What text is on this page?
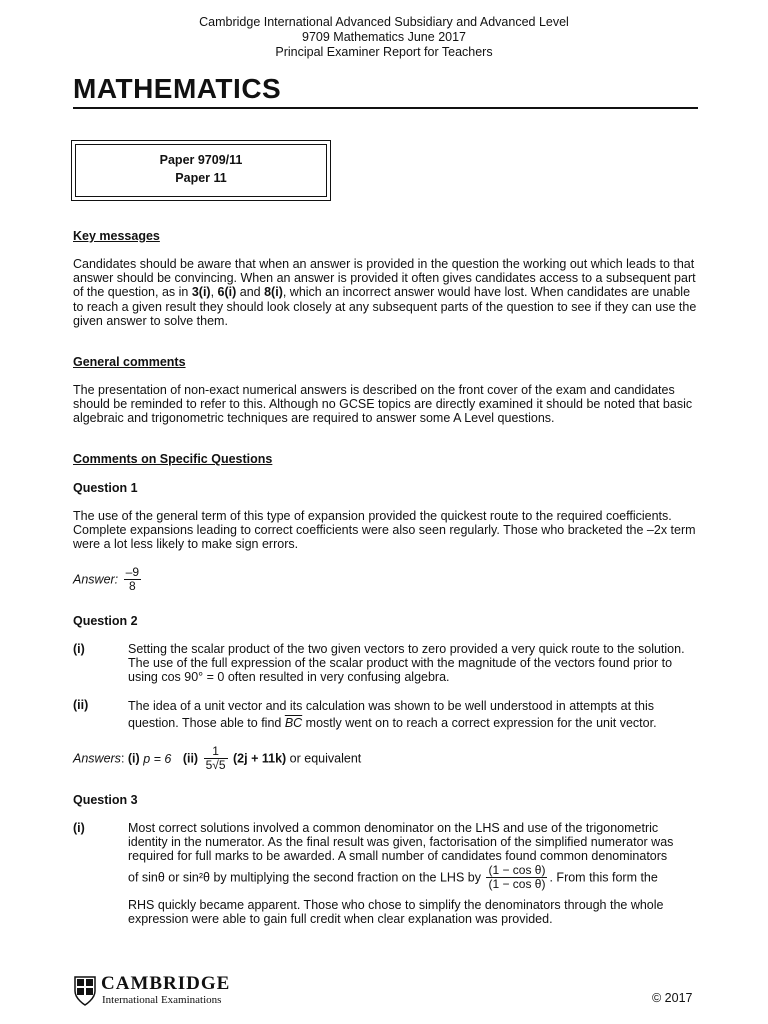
Cambridge International Advanced Subsidiary and Advanced Level
9709 Mathematics June 2017
Principal Examiner Report for Teachers
MATHEMATICS
Paper 9709/11
Paper 11
Key messages
Candidates should be aware that when an answer is provided in the question the working out which leads to that answer should be convincing. When an answer is provided it often gives candidates access to a subsequent part of the question, as in 3(i), 6(i) and 8(i), which an incorrect answer would have lost. When candidates are unable to reach a given result they should look closely at any subsequent parts of the question to see if they can use the given answer to solve them.
General comments
The presentation of non-exact numerical answers is described on the front cover of the exam and candidates should be reminded to refer to this. Although no GCSE topics are directly examined it should be noted that basic algebraic and trigonometric techniques are required to answer some A Level questions.
Comments on Specific Questions
Question 1
The use of the general term of this type of expansion provided the quickest route to the required coefficients. Complete expansions leading to correct coefficients were also seen regularly. Those who bracketed the –2x term were a lot less likely to make sign errors.
Answer: $\frac{-9}{8}$
Question 2
(i)	Setting the scalar product of the two given vectors to zero provided a very quick route to the solution. The use of the full expression of the scalar product with the magnitude of the vectors found prior to using cos 90° = 0 often resulted in very confusing algebra.
(ii)	The idea of a unit vector and its calculation was shown to be well understood in attempts at this question. Those able to find $\overline{BC}$ mostly went on to reach a correct expression for the unit vector.
Answers: (i) p = 6 $(ii) \frac{1}{5√5} (2j + 11k)$ or equivalent
Question 3
(i)	Most correct solutions involved a common denominator on the LHS and use of the trigonometric identity in the numerator. As the final result was given, factorisation of the simplified numerator was required for full marks to be awarded. A small number of candidates found common denominators
of sinθ or sin²θ by multiplying the second fraction on the LHS by $\frac{\text{(1 − cos θ)}}{\text{(1 − cos θ)}}$ . From this form the
RHS quickly became apparent. Those who chose to simplify the denominators through the whole expression were able to gain full credit when clear explanation was provided.
CAMBRIDGE
International Examinations	© 2017
